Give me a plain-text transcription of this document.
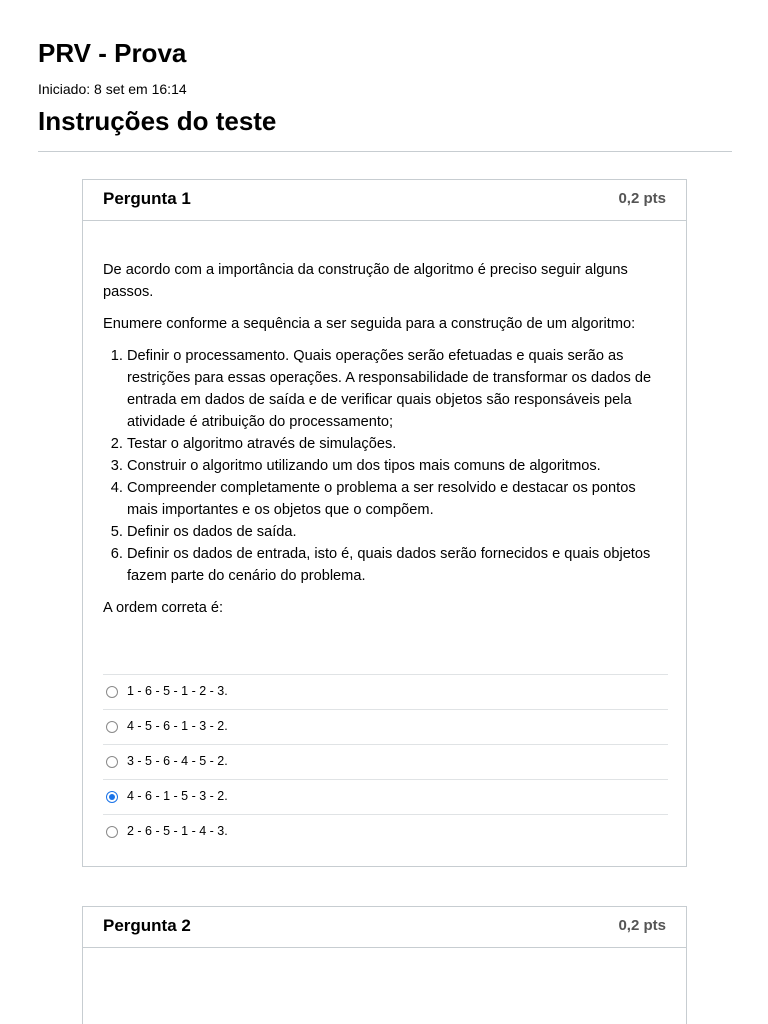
PRV - Prova
Iniciado: 8 set em 16:14
Instruções do teste
Pergunta 1	0,2 pts

De acordo com a importância da construção de algoritmo é preciso seguir alguns passos.

Enumere conforme a sequência a ser seguida para a construção de um algoritmo:

1. Definir o processamento. Quais operações serão efetuadas e quais serão as restrições para essas operações. A responsabilidade de transformar os dados de entrada em dados de saída e de verificar quais objetos são responsáveis pela atividade é atribuição do processamento;
2. Testar o algoritmo através de simulações.
3. Construir o algoritmo utilizando um dos tipos mais comuns de algoritmos.
4. Compreender completamente o problema a ser resolvido e destacar os pontos mais importantes e os objetos que o compõem.
5. Definir os dados de saída.
6. Definir os dados de entrada, isto é, quais dados serão fornecidos e quais objetos fazem parte do cenário do problema.

A ordem correta é:

1 - 6 - 5 - 1 - 2 - 3.
4 - 5 - 6 - 1 - 3 - 2.
3 - 5 - 6 - 4 - 5 - 2.
4 - 6 - 1 - 5 - 3 - 2.
2 - 6 - 5 - 1 - 4 - 3.
Pergunta 2	0,2 pts
